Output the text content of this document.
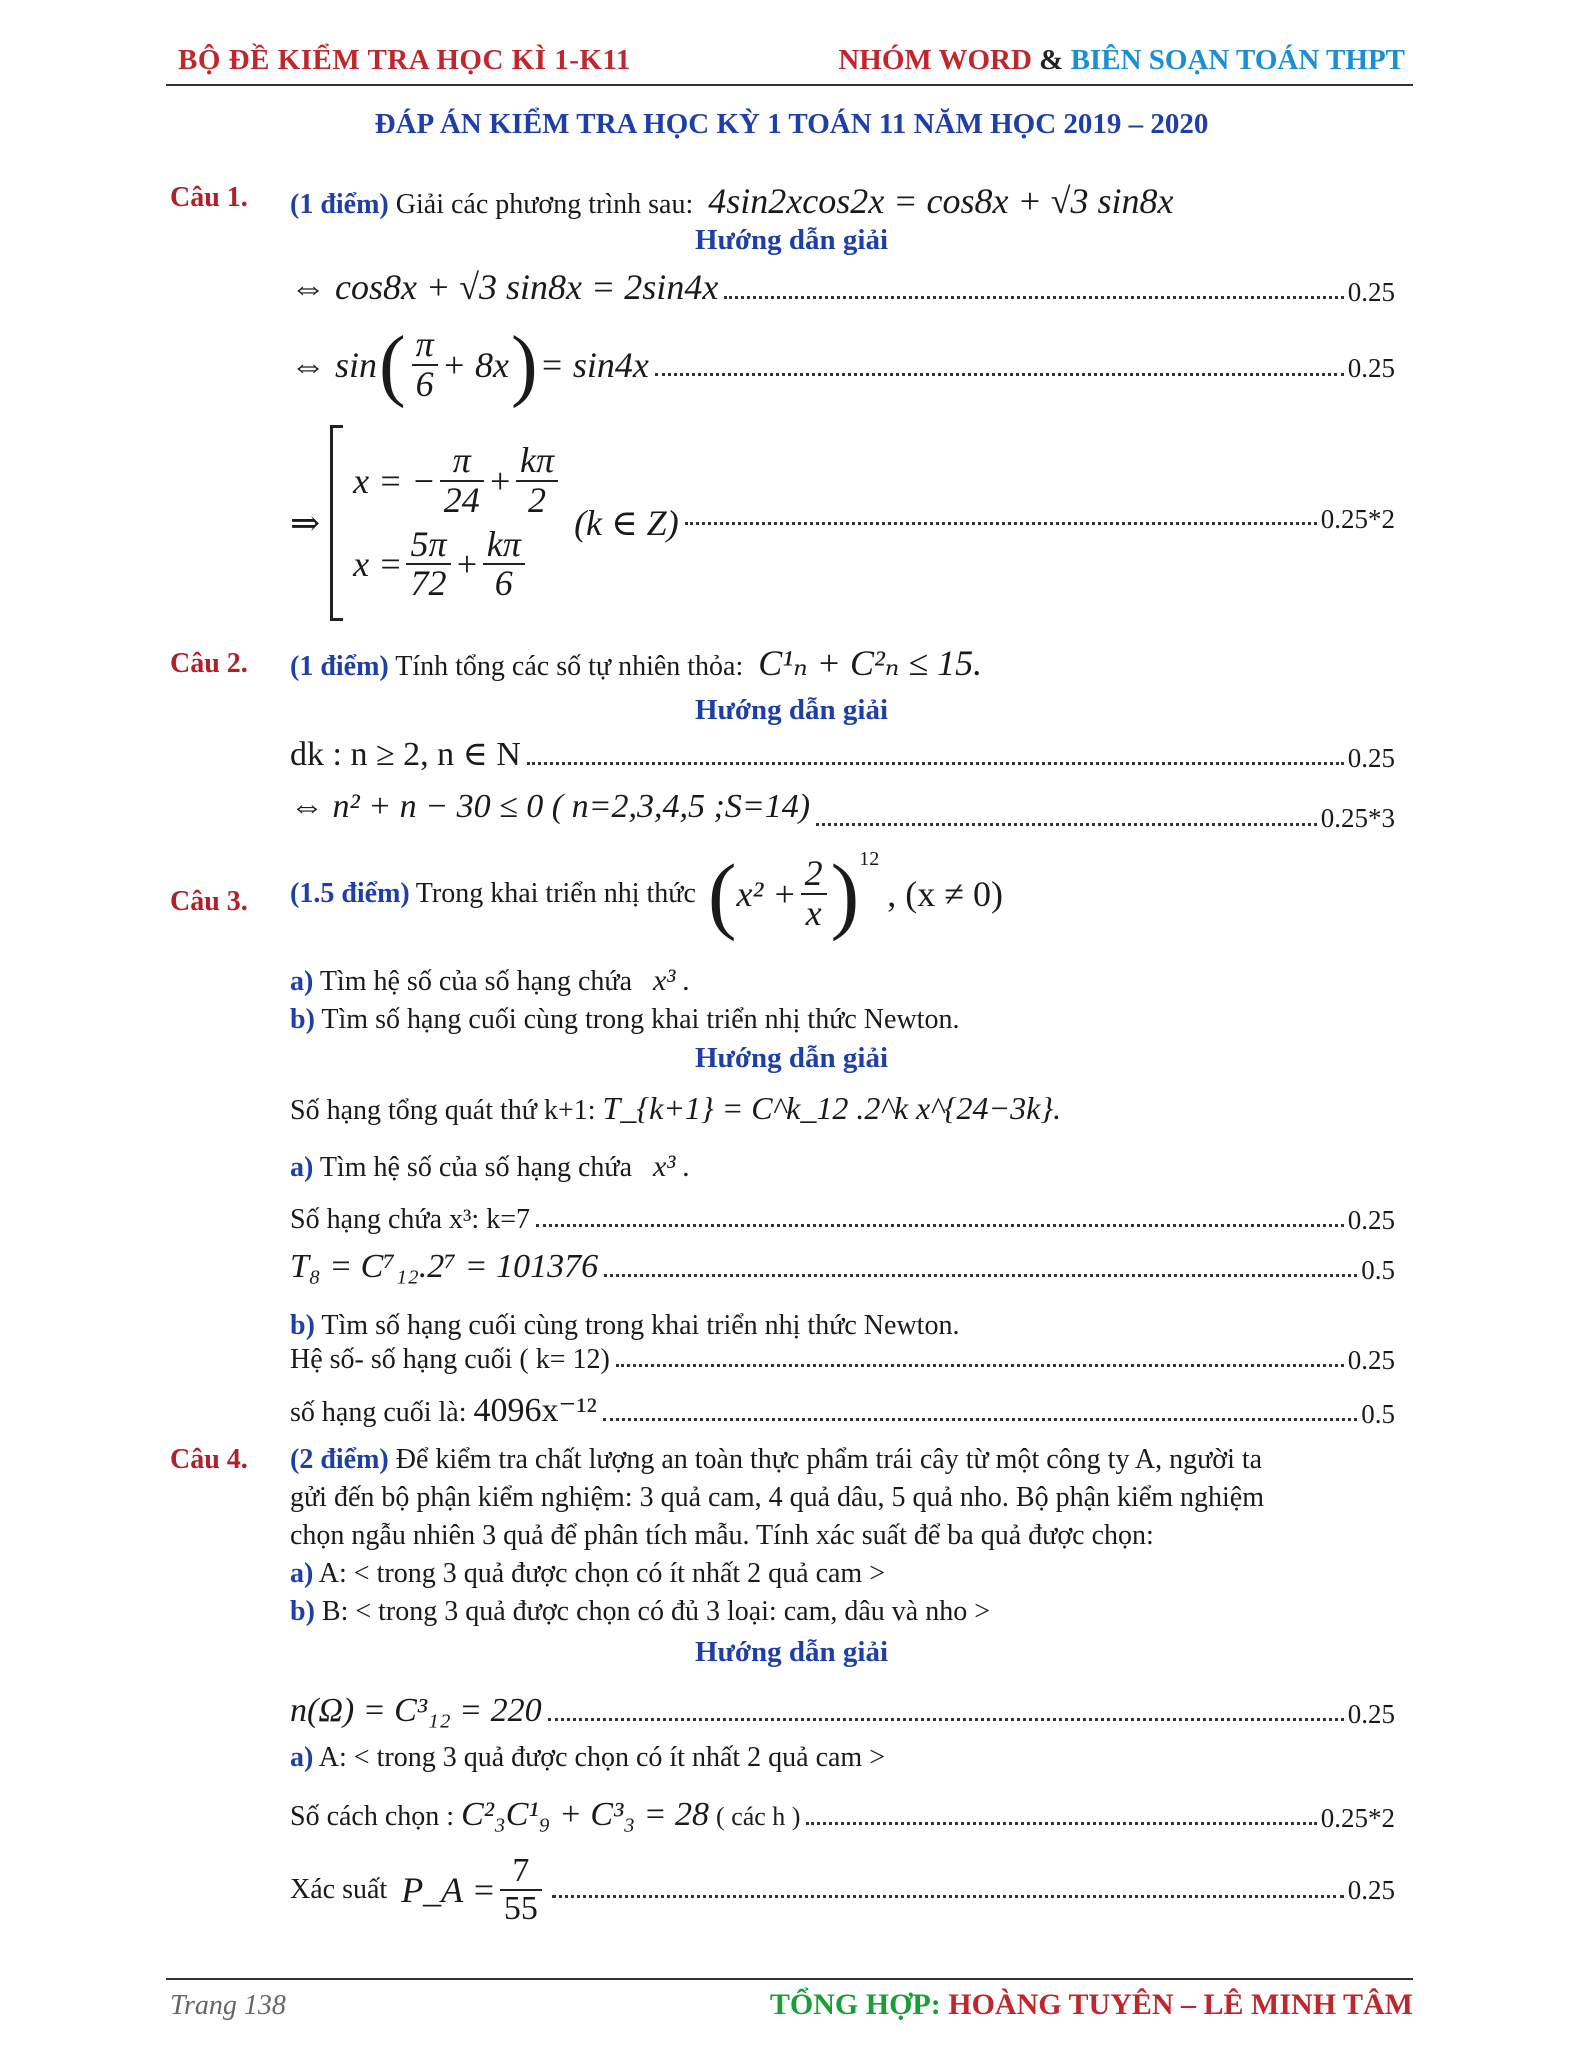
BỘ ĐỀ KIỂM TRA HỌC KÌ 1-K11	NHÓM WORD & BIÊN SOẠN TOÁN THPT
ĐÁP ÁN KIỂM TRA HỌC KỲ 1 TOÁN 11 NĂM HỌC 2019 – 2020
Câu 1. (1 điểm) Giải các phương trình sau: 4sin2xcos2x = cos8x + √3 sin8x
Hướng dẫn giải
⇔ cos8x + √3 sin8x = 2sin4x	0.25
⇔ sin ( $\frac{\pi}{6} + 8x$ ) = sin4x	0.25
⇒
x = − $\frac{\pi}{24} + \frac{k\pi}{2}$
$x = \frac{5\pi}{72} + \frac{k\pi}{6}$
(k ∈ Z)	0.25*2
Câu 2. (1 điểm) Tính tổng các số tự nhiên thỏa: C¹ₙ + C²ₙ ≤ 15.
Hướng dẫn giải
dk : n ≥ 2, n ∈ N	0.25
⇔ n² + n − 30 ≤ 0 ( n=2,3,4,5 ;S=14)	0.25*3
Câu 3. (1.5 điểm) Trong khai triển nhị thức ( $x^2 + \frac{2}{x}$ ) 12
, (x ≠ 0)
a) Tìm hệ số của số hạng chứa x³ .
b) Tìm số hạng cuối cùng trong khai triển nhị thức Newton.
Hướng dẫn giải
Số hạng tổng quát thứ k+1: T_{k+1} = C^k_12 .2^k x^{24−3k}.
a) Tìm hệ số của số hạng chứa x³ .
Số hạng chứa x³: k=7	0.25
T₈ = C⁷₁₂.2⁷ = 101376	0.5
b) Tìm số hạng cuối cùng trong khai triển nhị thức Newton.
Hệ số- số hạng cuối ( k= 12)	0.25
số hạng cuối là: 4096x⁻¹²	0.5
Câu 4. (2 điểm) Để kiểm tra chất lượng an toàn thực phẩm trái cây từ một công ty A, người ta
gửi đến bộ phận kiểm nghiệm: 3 quả cam, 4 quả dâu, 5 quả nho. Bộ phận kiểm nghiệm
chọn ngẫu nhiên 3 quả để phân tích mẫu. Tính xác suất để ba quả được chọn:
a) A: < trong 3 quả được chọn có ít nhất 2 quả cam >
b) B: < trong 3 quả được chọn có đủ 3 loại: cam, dâu và nho >
Hướng dẫn giải
n(Ω) = C³₁₂ = 220	0.25
a) A: < trong 3 quả được chọn có ít nhất 2 quả cam >
Số cách chọn : C²₃C¹₉ + C³₃ = 28 ( các h )	0.25*2
Xác suất P_A = $\frac{7}{55}$	0.25
Trang 138	TỔNG HỢP: HOÀNG TUYÊN – LÊ MINH TÂM
